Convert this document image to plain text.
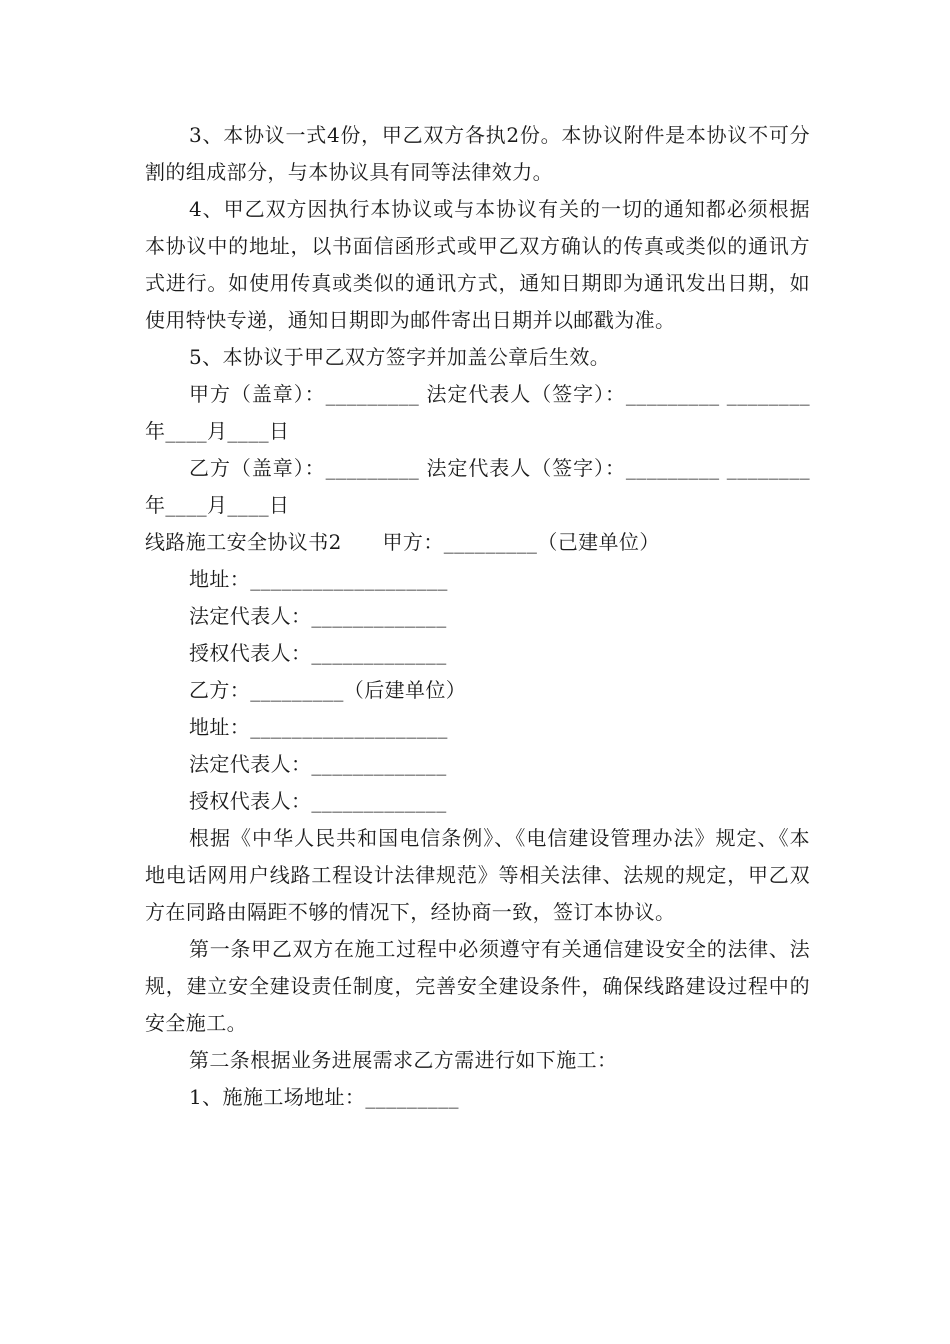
3、本协议一式4份，甲乙双方各执2份。本协议附件是本协议不可分割的组成部分，与本协议具有同等法律效力。

4、甲乙双方因执行本协议或与本协议有关的一切的通知都必须根据本协议中的地址，以书面信函形式或甲乙双方确认的传真或类似的通讯方式进行。如使用传真或类似的通讯方式，通知日期即为通讯发出日期，如使用特快专递，通知日期即为邮件寄出日期并以邮戳为准。

5、本协议于甲乙双方签字并加盖公章后生效。

甲方（盖章）：_________ 法定代表人（签字）：_________ ________年____月____日

乙方（盖章）：_________ 法定代表人（签字）：_________ ________年____月____日

线路施工安全协议书2　　甲方：_________（己建单位）

地址：___________________

法定代表人：_____________

授权代表人：_____________

乙方：_________（后建单位）

地址：___________________

法定代表人：_____________

授权代表人：_____________

根据《中华人民共和国电信条例》、《电信建设管理办法》规定、《本地电话网用户线路工程设计法律规范》等相关法律、法规的规定，甲乙双方在同路由隔距不够的情况下，经协商一致，签订本协议。

第一条甲乙双方在施工过程中必须遵守有关通信建设安全的法律、法规，建立安全建设责任制度，完善安全建设条件，确保线路建设过程中的安全施工。

第二条根据业务进展需求乙方需进行如下施工：

1、施施工场地址：_________
